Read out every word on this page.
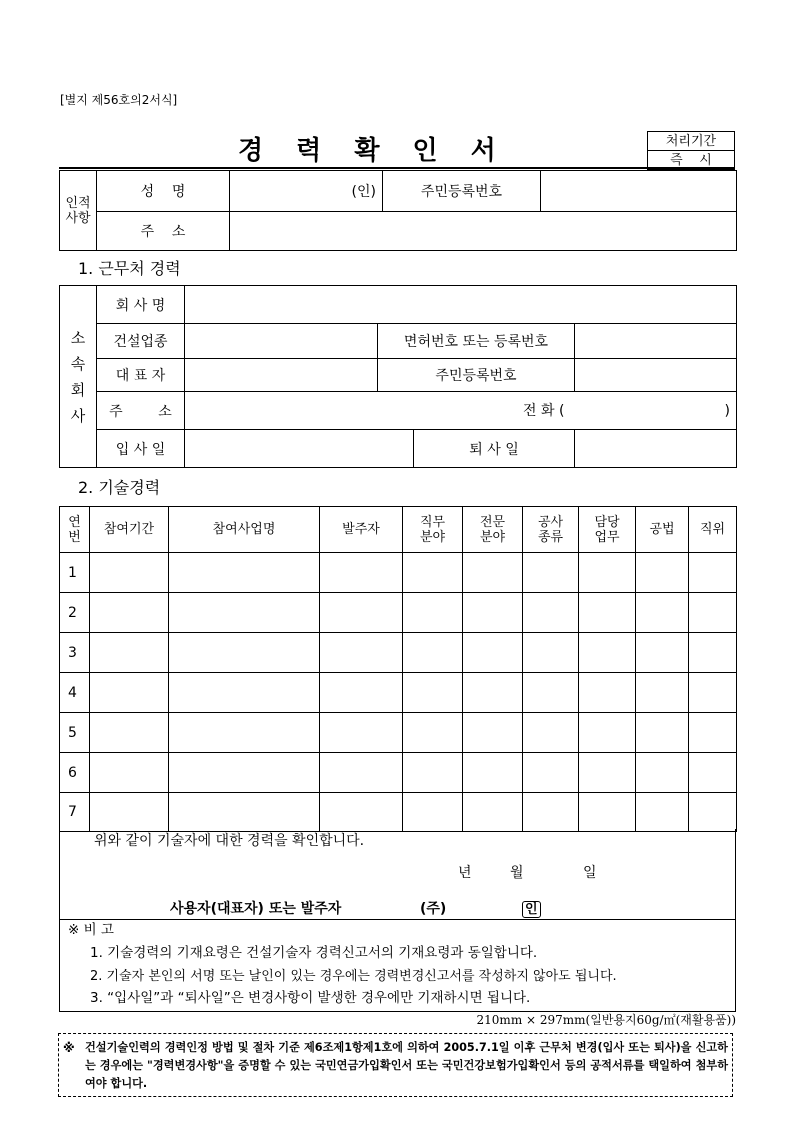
[별지 제56호의2서식]
경 력 확 인 서	처리기간
즉    시
인적사항	성    명	(인)	주민등록번호	
	주    소			
1. 근무처 경력
소속회사	회 사 명				
	건설업종		면허번호 또는 등록번호		
	대 표 자		주민등록번호		
	주        소	전 화 ( )			

	입 사 일			퇴 사 일	
2. 기술경력
연번	참여기간	참여사업명	발주자	직무분야	전문분야	공사종류	담당업무	공법	직위
1									
2									
3									
4									
5									
6									
7									
위와 같이 기술자에 대한 경력을 확인합니다.
년	월	일
사용자(대표자) 또는 발주자	(주)	인
※ 비 고
1. 기술경력의 기재요령은 건설기술자 경력신고서의 기재요령과 동일합니다.
2. 기술자 본인의 서명 또는 날인이 있는 경우에는 경력변경신고서를 작성하지 않아도 됩니다.
3. “입사일”과 “퇴사일”은 변경사항이 발생한 경우에만 기재하시면 됩니다.
210mm × 297mm(일반용지60g/㎡(재활용품))
※ 건설기술인력의 경력인정 방법 및 절차 기준 제6조제1항제1호에 의하여 2005.7.1일 이후 근무처 변경(입사 또는 퇴사)을 신고하는 경우에는 "경력변경사항"을 증명할 수 있는 국민연금가입확인서 또는 국민건강보험가입확인서 등의 공적서류를 택일하여 첨부하여야 합니다.
